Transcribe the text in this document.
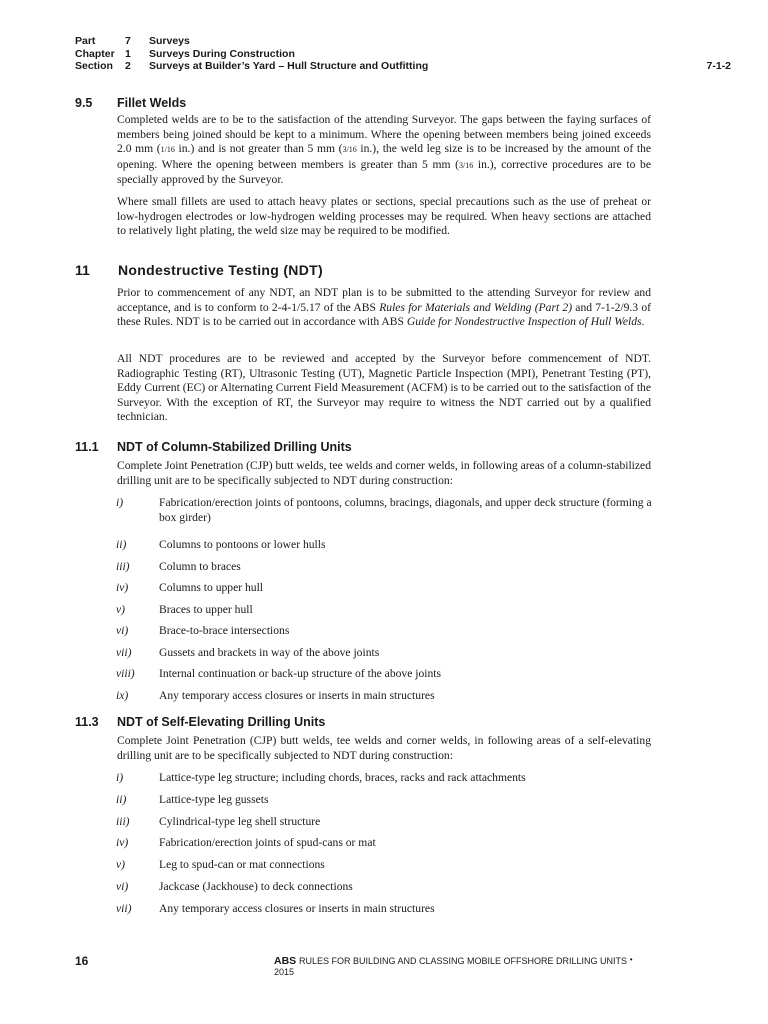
Part	7	Surveys
Chapter 1	Surveys During Construction
Section	2	Surveys at Builder’s Yard – Hull Structure and Outfitting	7-1-2
9.5 Fillet Welds
Completed welds are to be to the satisfaction of the attending Surveyor. The gaps between the faying surfaces of members being joined should be kept to a minimum. Where the opening between members being joined exceeds 2.0 mm (1/16 in.) and is not greater than 5 mm (3/16 in.), the weld leg size is to be increased by the amount of the opening. Where the opening between members is greater than 5 mm (3/16 in.), corrective procedures are to be specially approved by the Surveyor.
Where small fillets are used to attach heavy plates or sections, special precautions such as the use of preheat or low-hydrogen electrodes or low-hydrogen welding processes may be required. When heavy sections are attached to relatively light plating, the weld size may be required to be modified.
11 Nondestructive Testing (NDT)
Prior to commencement of any NDT, an NDT plan is to be submitted to the attending Surveyor for review and acceptance, and is to conform to 2-4-1/5.17 of the ABS Rules for Materials and Welding (Part 2) and 7-1-2/9.3 of these Rules. NDT is to be carried out in accordance with ABS Guide for Nondestructive Inspection of Hull Welds.
All NDT procedures are to be reviewed and accepted by the Surveyor before commencement of NDT. Radiographic Testing (RT), Ultrasonic Testing (UT), Magnetic Particle Inspection (MPI), Penetrant Testing (PT), Eddy Current (EC) or Alternating Current Field Measurement (ACFM) is to be carried out to the satisfaction of the Surveyor. With the exception of RT, the Surveyor may require to witness the NDT carried out by a qualified technician.
11.1 NDT of Column-Stabilized Drilling Units
Complete Joint Penetration (CJP) butt welds, tee welds and corner welds, in following areas of a column-stabilized drilling unit are to be specifically subjected to NDT during construction:
i)	Fabrication/erection joints of pontoons, columns, bracings, diagonals, and upper deck structure (forming a box girder)
ii)	Columns to pontoons or lower hulls
iii)	Column to braces
iv)	Columns to upper hull
v)	Braces to upper hull
vi)	Brace-to-brace intersections
vii)	Gussets and brackets in way of the above joints
viii)	Internal continuation or back-up structure of the above joints
ix)	Any temporary access closures or inserts in main structures
11.3 NDT of Self-Elevating Drilling Units
Complete Joint Penetration (CJP) butt welds, tee welds and corner welds, in following areas of a self-elevating drilling unit are to be specifically subjected to NDT during construction:
i)	Lattice-type leg structure; including chords, braces, racks and rack attachments
ii)	Lattice-type leg gussets
iii)	Cylindrical-type leg shell structure
iv)	Fabrication/erection joints of spud-cans or mat
v)	Leg to spud-can or mat connections
vi)	Jackcase (Jackhouse) to deck connections
vii)	Any temporary access closures or inserts in main structures
16	ABS RULES FOR BUILDING AND CLASSING MOBILE OFFSHORE DRILLING UNITS • 2015
